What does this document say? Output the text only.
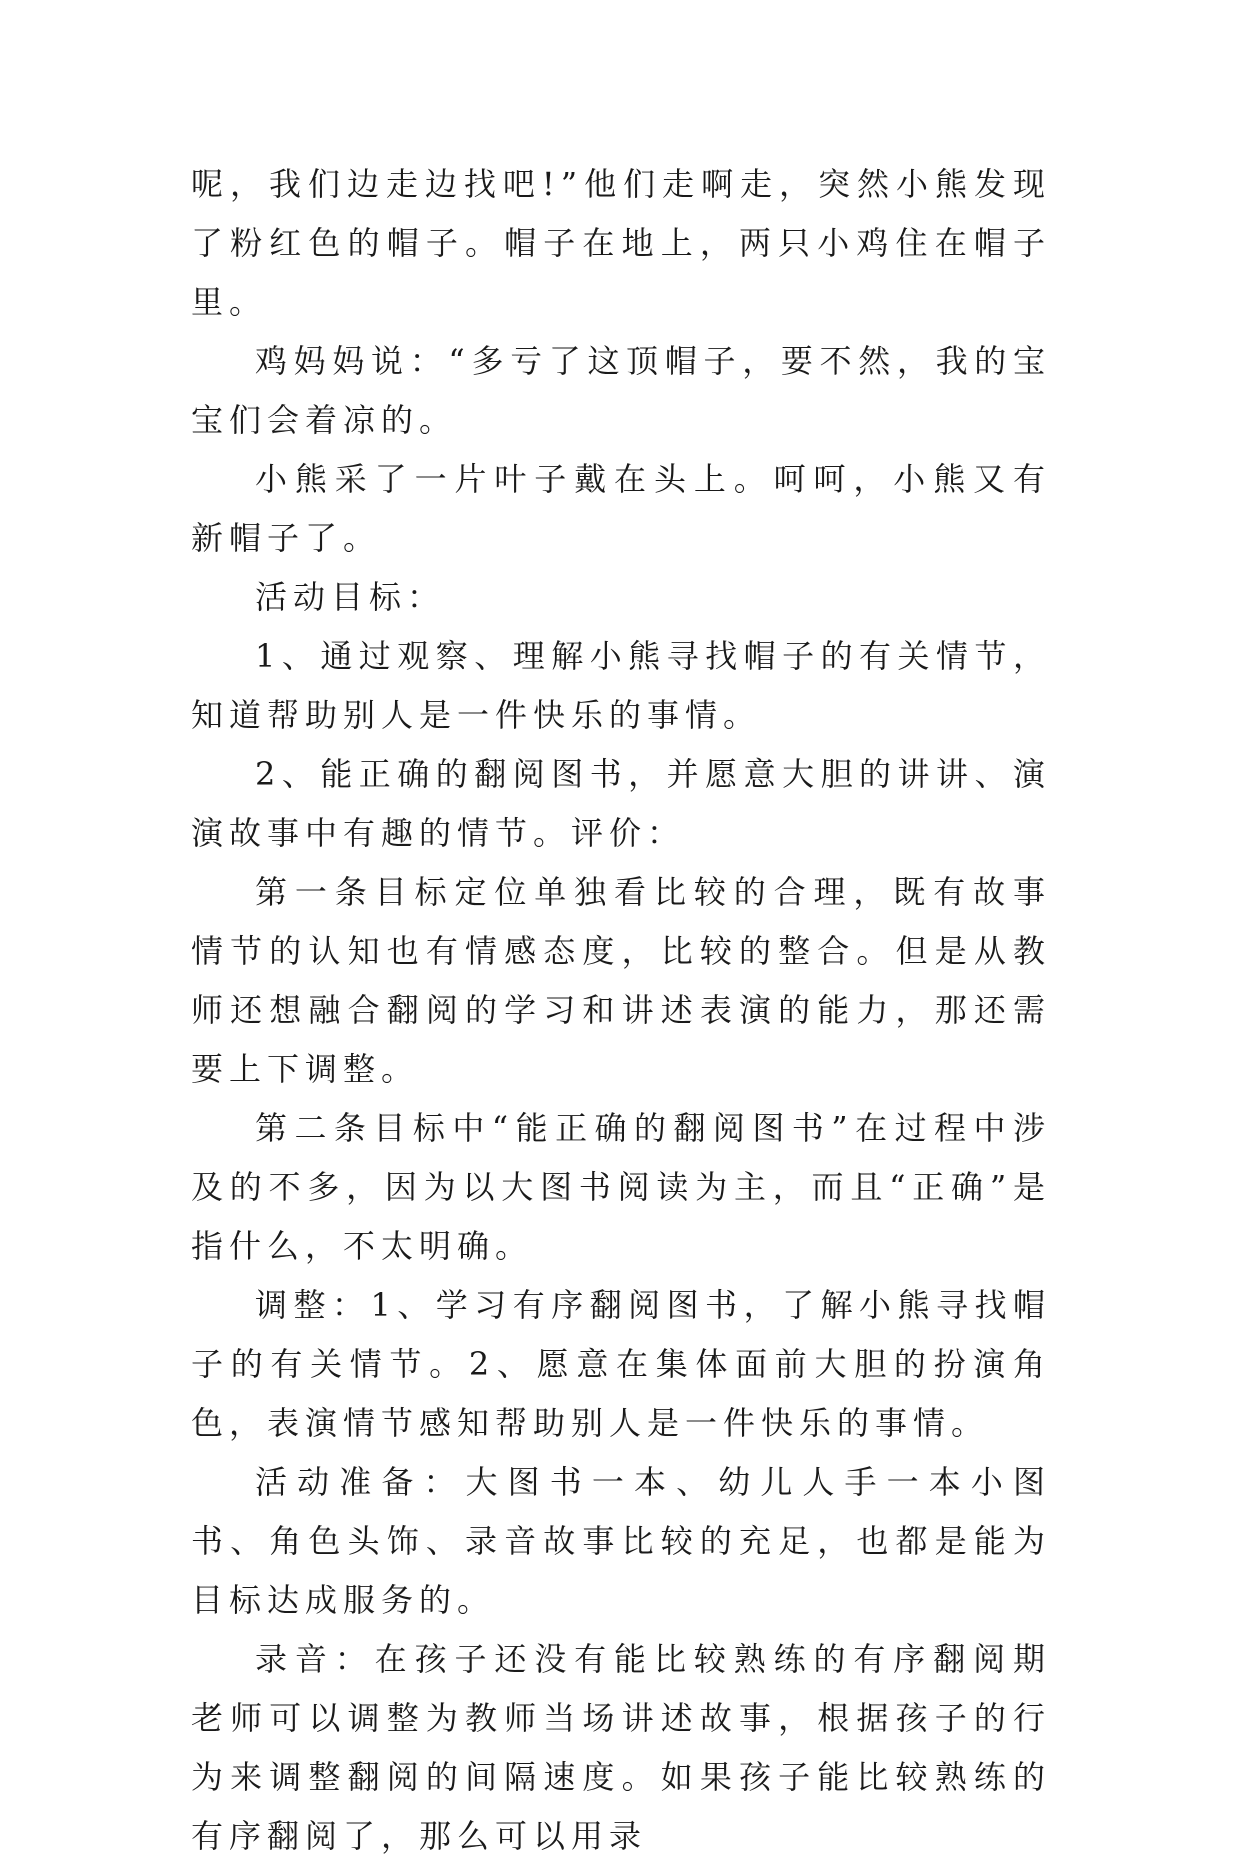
呢，我们边走边找吧!”他们走啊走，突然小熊发现了粉红色的帽子。帽子在地上，两只小鸡住在帽子里。

鸡妈妈说：“多亏了这顶帽子，要不然，我的宝宝们会着凉的。

小熊采了一片叶子戴在头上。呵呵，小熊又有新帽子了。

活动目标：

1、通过观察、理解小熊寻找帽子的有关情节，知道帮助别人是一件快乐的事情。

2、能正确的翻阅图书，并愿意大胆的讲讲、演演故事中有趣的情节。评价：

第一条目标定位单独看比较的合理，既有故事情节的认知也有情感态度，比较的整合。但是从教师还想融合翻阅的学习和讲述表演的能力，那还需要上下调整。

第二条目标中“能正确的翻阅图书”在过程中涉及的不多，因为以大图书阅读为主，而且“正确”是指什么，不太明确。

调整：1、学习有序翻阅图书，了解小熊寻找帽子的有关情节。2、愿意在集体面前大胆的扮演角色，表演情节感知帮助别人是一件快乐的事情。

活动准备：大图书一本、幼儿人手一本小图书、角色头饰、录音故事比较的充足，也都是能为目标达成服务的。

录音：在孩子还没有能比较熟练的有序翻阅期老师可以调整为教师当场讲述故事，根据孩子的行为来调整翻阅的间隔速度。如果孩子能比较熟练的有序翻阅了，那么可以用录
